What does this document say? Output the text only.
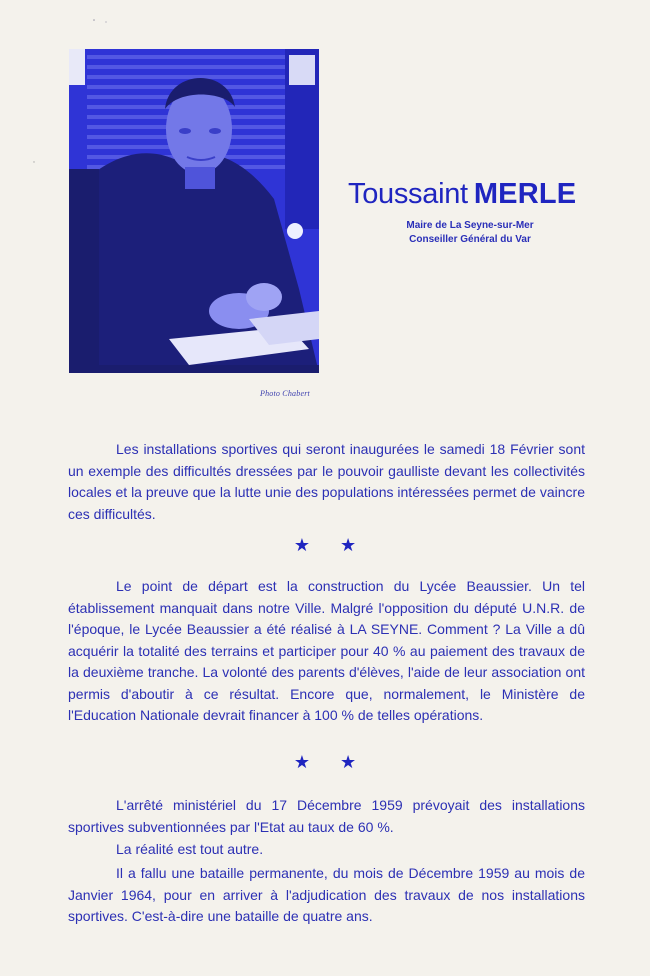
Photo Chabert
Toussaint MERLE
Maire de La Seyne-sur-Mer
Conseiller Général du Var

Les installations sportives qui seront inaugurées le samedi 18 Février sont un exemple des difficultés dressées par le pouvoir gaulliste devant les collectivités locales et la preuve que la lutte unie des populations intéressées permet de vaincre ces difficultés.

★ ★

Le point de départ est la construction du Lycée Beaussier. Un tel établissement manquait dans notre Ville. Malgré l'opposition du député U.N.R. de l'époque, le Lycée Beaussier a été réalisé à LA SEYNE. Comment ? La Ville a dû acquérir la totalité des terrains et participer pour 40 % au paiement des travaux de la deuxième tranche. La volonté des parents d'élèves, l'aide de leur association ont permis d'aboutir à ce résultat. Encore que, normalement, le Ministère de l'Education Nationale devrait financer à 100 % de telles opérations.

★ ★

L'arrêté ministériel du 17 Décembre 1959 prévoyait des installations sportives subventionnées par l'Etat au taux de 60 %.

La réalité est tout autre.

Il a fallu une bataille permanente, du mois de Décembre 1959 au mois de Janvier 1964, pour en arriver à l'adjudication des travaux de nos installations sportives. C'est-à-dire une bataille de quatre ans.
